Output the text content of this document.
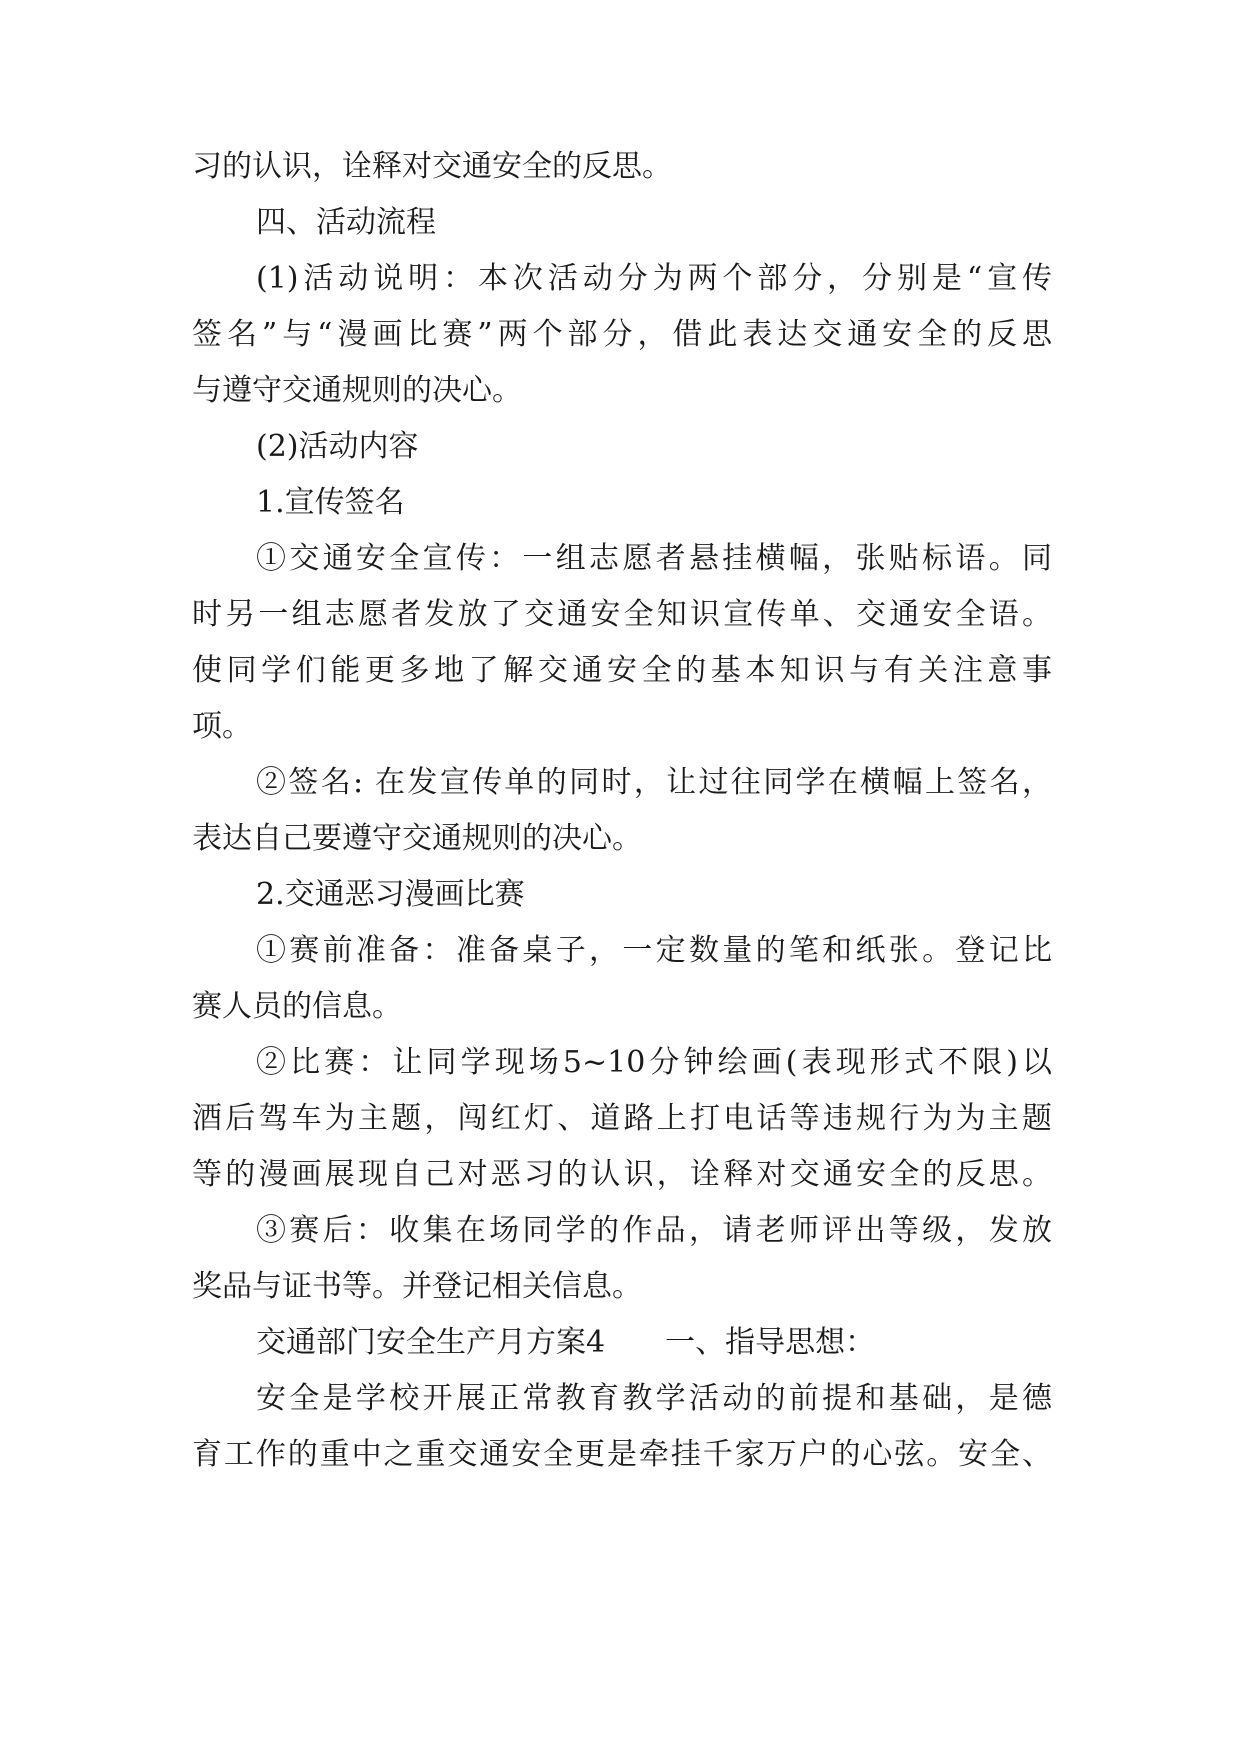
习的认识，诠释对交通安全的反思。
四、活动流程
(1)活动说明：本次活动分为两个部分，分别是“宣传
签名”与“漫画比赛”两个部分，借此表达交通安全的反思
与遵守交通规则的决心。
(2)活动内容
1.宣传签名
①交通安全宣传：一组志愿者悬挂横幅，张贴标语。同
时另一组志愿者发放了交通安全知识宣传单、交通安全语。
使同学们能更多地了解交通安全的基本知识与有关注意事
项。
②签名: 在发宣传单的同时，让过往同学在横幅上签名，
表达自己要遵守交通规则的决心。
2.交通恶习漫画比赛
①赛前准备：准备桌子，一定数量的笔和纸张。登记比
赛人员的信息。
②比赛：让同学现场5~10分钟绘画(表现形式不限)以
酒后驾车为主题，闯红灯、道路上打电话等违规行为为主题
等的漫画展现自己对恶习的认识，诠释对交通安全的反思。
③赛后：收集在场同学的作品，请老师评出等级，发放
奖品与证书等。并登记相关信息。
交通部门安全生产月方案4 一、指导思想：
安全是学校开展正常教育教学活动的前提和基础，是德
育工作的重中之重交通安全更是牵挂千家万户的心弦。安全、
